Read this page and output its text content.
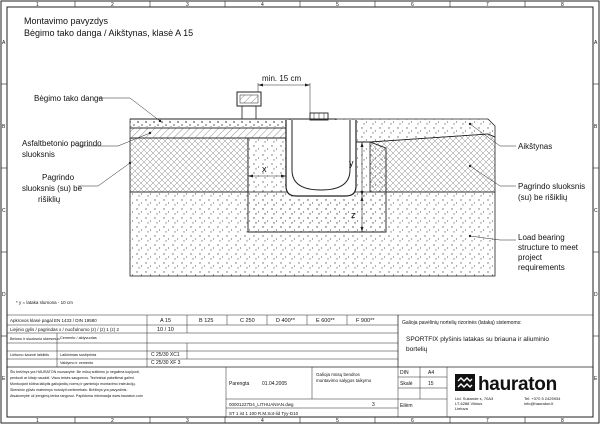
A
B
C
D
E
A
B
C
D
E
1	2	3	4	5	6	7	8
1	2	3	4	5	6	7	8
Montavimo pavyzdys
Bėgimo tako danga / Aikštynas, klasė A 15
min. 15 cm
x
y
z
Bėgimo tako danga
Asfaltbetonio pagrindo
sluoksnis
Pagrindo
sluoksnis (su) be
rišiklių
Aikštynas
Pagrindo sluoksnis
(su) be rišiklių
Load bearing
structure to meet
project
requirements
* y = lataka slumona - 10 cm
Apkrovos klasė pagal EN 1433 / DIN 19580
Liejinio gylis / pagrindas x / nuožulnumo (z) / (z) 1 (z) 2
A 15	B 125	C 250	D 400**	E 600**	F 900**
10 / 10
Betono ir sluoksnio skersmuo Cemento / aktyvuotas
Lietumo šaumė laikiklis	Laikinimas sustiprinta
Valdymo ir cemento
C 25/30 XC1
C 25/30 XF 3
Galioja pavėlinių nortelių rizorinės (lataką) sistemoms:
SPORTFIX plyšinis latakas su briauna ir aliuminio
bortelių
Šis brėžinys yra HAURATON nuosavybė. Be mūsų sutikimo jo negalima kopijuoti,
perduoti ar kitaip naudoti. Visos teisės saugomos. Techniniai pakeitimai galimi.
Montuojant būtina laikytis galiojančių normų ir gamintojo montavimo instrukcijų.
Skersinio pjūvio matmenys nurodyti centimetrais. Brėžinys yra pavyzdinis.
Atsakomybė už įrengimą tenka rangovui. Papildoma informacija www.hauraton.com
Parengta	01.04.2005
Galioja mūsų bendros
montavimo salygos taikymo
00001227D4_LITHUANIAN.dwg	3
ST 1 ist 1 100 R.M.Sot-lid Tyy-D10
DIN	A4
Skalė	15
Eilėm
hauraton
Ltd. Sukande s, 70A3
LT-6288 Vilnius
Lietuva
Tel: +370 5 2425934
info@hauraton.lt
